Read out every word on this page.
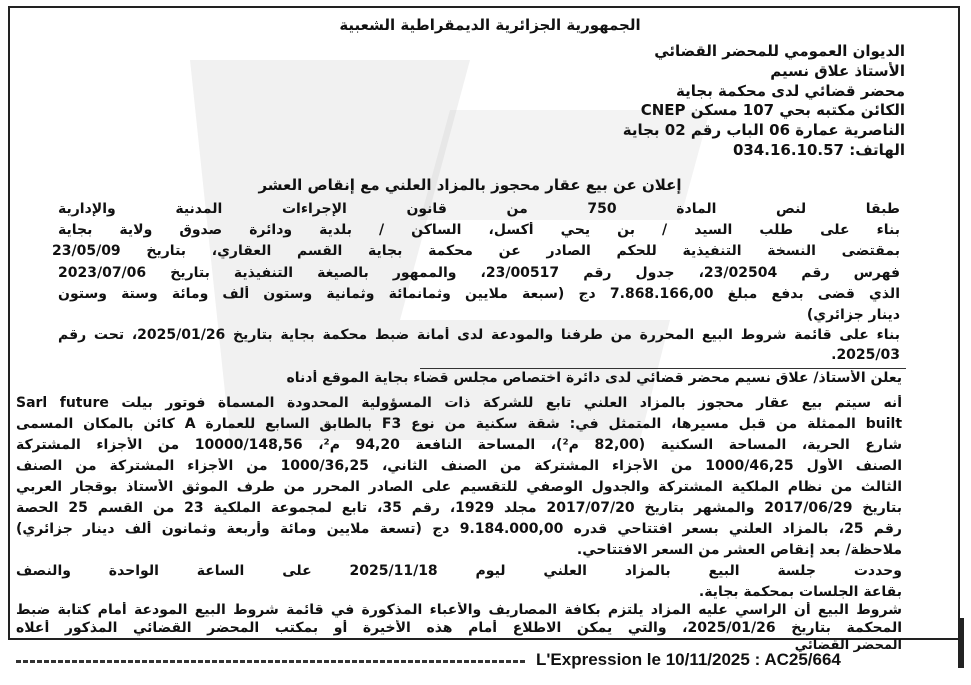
الجمهورية الجزائرية الديمقراطية الشعبية
الديوان العمومي للمحضر القضائي
الأستاذ علاق نسيم
محضر قضائي لدى محكمة بجاية
الكائن مكتبه بحي 107 مسكن CNEP
الناصرية عمارة 06 الباب رقم 02 بجاية
الهاتف: 034.16.10.57
إعلان عن بيع عقار محجوز بالمزاد العلني مع إنقاص العشر
طبقا لنص المادة 750 من قانون الإجراءات المدنية والإدارية
بناء على طلب السيد / بن يحي أكسل، الساكن / بلدية ودائرة صدوق ولاية بجاية
بمقتضى النسخة التنفيذية للحكم الصادر عن محكمة بجاية القسم العقاري، بتاريخ 23/05/09
فهرس رقم 23/02504، جدول رقم 23/00517، والممهور بالصيغة التنفيذية بتاريخ 2023/07/06
الذي قضى بدفع مبلغ 7.868.166,00 دج (سبعة ملايين وثمانمائة وثمانية وستون ألف ومائة وستة وستون
دينار جزائري)
بناء على قائمة شروط البيع المحررة من طرفنا والمودعة لدى أمانة ضبط محكمة بجاية بتاريخ 2025/01/26، تحت رقم
2025/03.
يعلن الأستاذ/ علاق نسيم محضر قضائي لدى دائرة اختصاص مجلس قضاء بجاية الموقع أدناه
أنه سيتم بيع عقار محجوز بالمزاد العلني تابع للشركة ذات المسؤولية المحدودة المسماة فوتور بيلت Sarl future
built الممثلة من قبل مسيرها، المتمثل في: شقة سكنية من نوع F3 بالطابق السابع للعمارة A كائن بالمكان المسمى
شارع الحرية، المساحة السكنية (82,00 م²)، المساحة النافعة 94,20 م²، 10000/148,56 من الأجزاء المشتركة
الصنف الأول 1000/46,25 من الأجزاء المشتركة من الصنف الثاني، 1000/36,25 من الأجزاء المشتركة من الصنف
الثالث من نظام الملكية المشتركة والجدول الوصفي للتقسيم على الصادر المحرر من طرف الموثق الأستاذ بوقجار العربي
بتاريخ 2017/06/29 والمشهر بتاريخ 2017/07/20 مجلد 1929، رقم 35، تابع لمجموعة الملكية 23 من القسم 25 الحصة
رقم 25، بالمزاد العلني بسعر افتتاحي قدره 9.184.000,00 دج (تسعة ملايين ومائة وأربعة وثمانون ألف دينار جزائري)
ملاحظة/ بعد إنقاص العشر من السعر الافتتاحي.
وحددت جلسة البيع بالمزاد العلني ليوم 2025/11/18 على الساعة الواحدة والنصف
بقاعة الجلسات بمحكمة بجاية.
شروط البيع أن الراسي عليه المزاد يلتزم بكافة المصاريف والأعباء المذكورة في قائمة شروط البيع المودعة أمام كتابة ضبط
المحكمة بتاريخ 2025/01/26، والتي يمكن الاطلاع أمام هذه الأخيرة أو بمكتب المحضر القضائي المذكور أعلاه
المحضر القضائي
L'Expression le 10/11/2025 : AC25/664
